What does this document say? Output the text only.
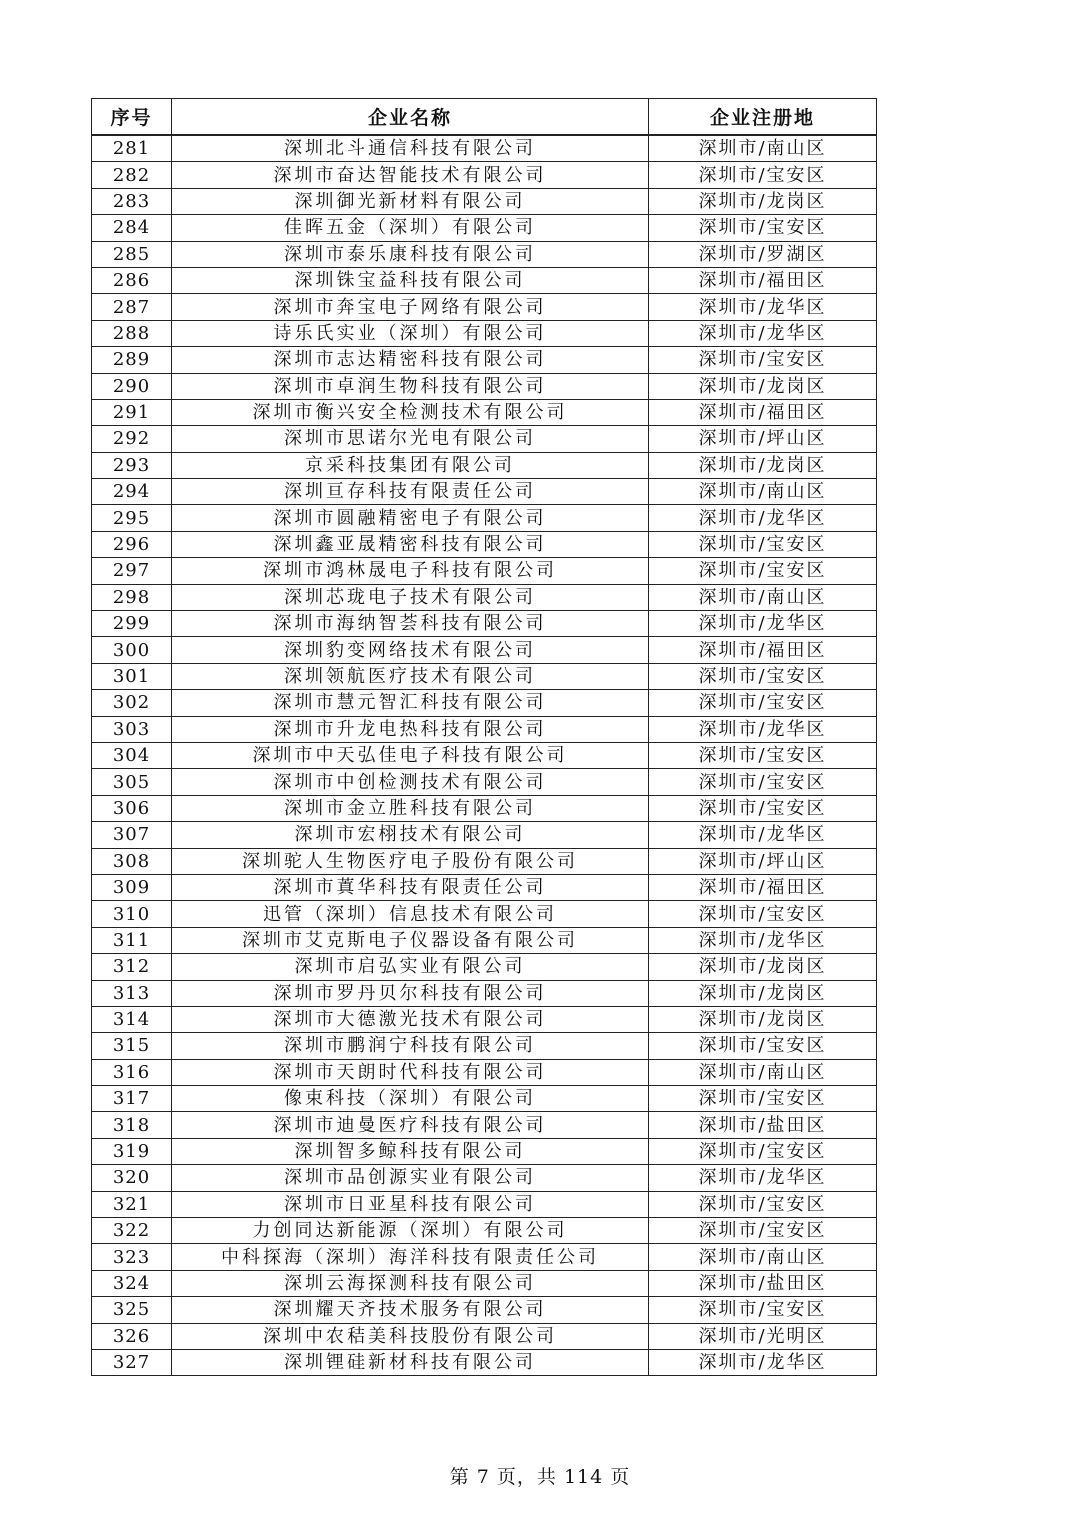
序号	企业名称	企业注册地
281	深圳北斗通信科技有限公司	深圳市/南山区
282	深圳市奋达智能技术有限公司	深圳市/宝安区
283	深圳御光新材料有限公司	深圳市/龙岗区
284	佳晖五金（深圳）有限公司	深圳市/宝安区
285	深圳市泰乐康科技有限公司	深圳市/罗湖区
286	深圳铢宝益科技有限公司	深圳市/福田区
287	深圳市奔宝电子网络有限公司	深圳市/龙华区
288	诗乐氏实业（深圳）有限公司	深圳市/龙华区
289	深圳市志达精密科技有限公司	深圳市/宝安区
290	深圳市卓润生物科技有限公司	深圳市/龙岗区
291	深圳市衡兴安全检测技术有限公司	深圳市/福田区
292	深圳市思诺尔光电有限公司	深圳市/坪山区
293	京采科技集团有限公司	深圳市/龙岗区
294	深圳亘存科技有限责任公司	深圳市/南山区
295	深圳市圆融精密电子有限公司	深圳市/龙华区
296	深圳鑫亚晟精密科技有限公司	深圳市/宝安区
297	深圳市鸿林晟电子科技有限公司	深圳市/宝安区
298	深圳芯珑电子技术有限公司	深圳市/南山区
299	深圳市海纳智荟科技有限公司	深圳市/龙华区
300	深圳豹变网络技术有限公司	深圳市/福田区
301	深圳领航医疗技术有限公司	深圳市/宝安区
302	深圳市慧元智汇科技有限公司	深圳市/宝安区
303	深圳市升龙电热科技有限公司	深圳市/龙华区
304	深圳市中天弘佳电子科技有限公司	深圳市/宝安区
305	深圳市中创检测技术有限公司	深圳市/宝安区
306	深圳市金立胜科技有限公司	深圳市/宝安区
307	深圳市宏栩技术有限公司	深圳市/龙华区
308	深圳驼人生物医疗电子股份有限公司	深圳市/坪山区
309	深圳市蒖华科技有限责任公司	深圳市/福田区
310	迅管（深圳）信息技术有限公司	深圳市/宝安区
311	深圳市艾克斯电子仪器设备有限公司	深圳市/龙华区
312	深圳市启弘实业有限公司	深圳市/龙岗区
313	深圳市罗丹贝尔科技有限公司	深圳市/龙岗区
314	深圳市大德激光技术有限公司	深圳市/龙岗区
315	深圳市鹏润宁科技有限公司	深圳市/宝安区
316	深圳市天朗时代科技有限公司	深圳市/南山区
317	像束科技（深圳）有限公司	深圳市/宝安区
318	深圳市迪曼医疗科技有限公司	深圳市/盐田区
319	深圳智多鲸科技有限公司	深圳市/宝安区
320	深圳市品创源实业有限公司	深圳市/龙华区
321	深圳市日亚星科技有限公司	深圳市/宝安区
322	力创同达新能源（深圳）有限公司	深圳市/宝安区
323	中科探海（深圳）海洋科技有限责任公司	深圳市/南山区
324	深圳云海探测科技有限公司	深圳市/盐田区
325	深圳耀天齐技术服务有限公司	深圳市/宝安区
326	深圳中农秸美科技股份有限公司	深圳市/光明区
327	深圳锂硅新材科技有限公司	深圳市/龙华区
第 7 页，共 114 页
